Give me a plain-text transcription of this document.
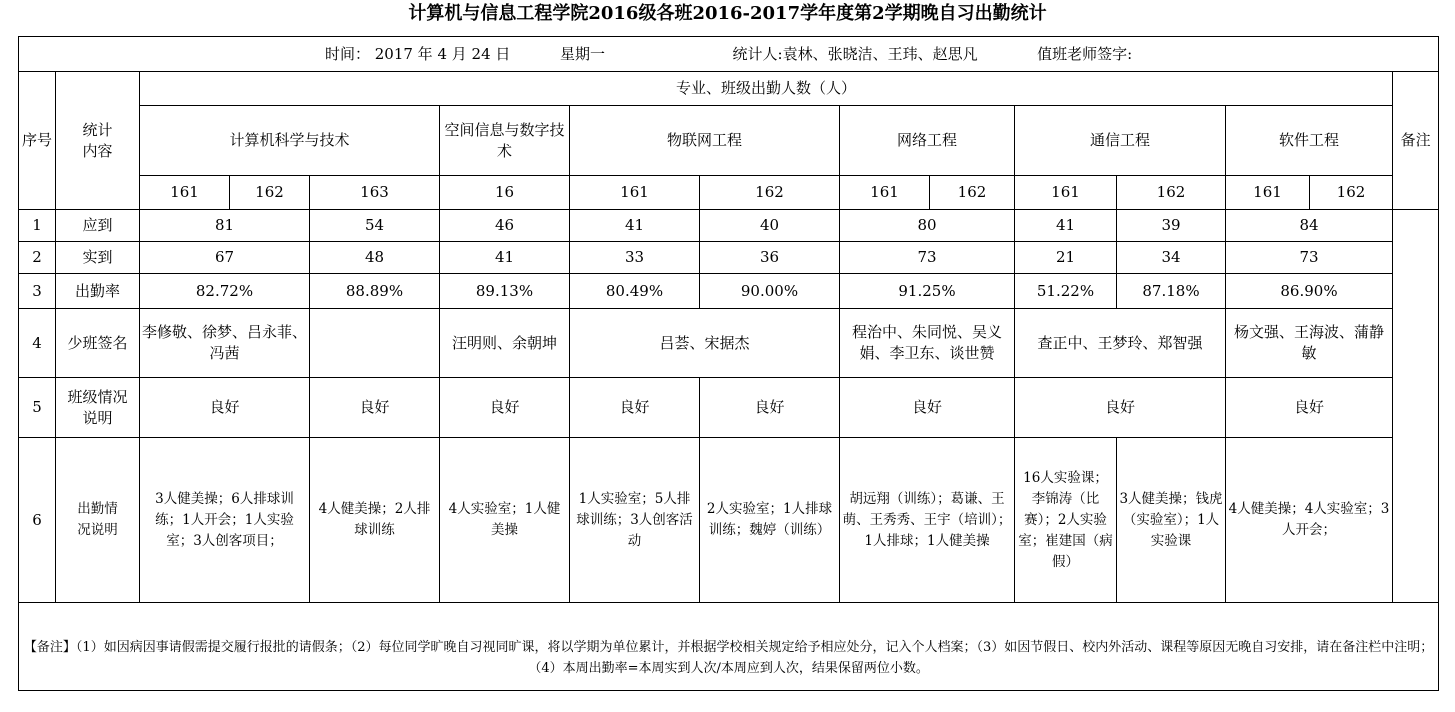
计算机与信息工程学院2016级各班2016-2017学年度第2学期晚自习出勤统计
时间： 2017 年 4 月 24 日 星期一 统计人:袁林、张晓洁、王玮、赵思凡 值班老师签字:														
序号	统计内容	专业、班级出勤人数（人）												备注
		计算机科学与技术			空间信息与数字技术	物联网工程		网络工程		通信工程		软件工程		
		161	162	163	16	161	162	161	162	161	162	161	162	
1	应到	81		54	46	41	40	80		41	39	84		
2	实到	67		48	41	33	36	73		21	34	73		
3	出勤率	82.72%		88.89%	89.13%	80.49%	90.00%	91.25%		51.22%	87.18%	86.90%		
4	少班签名	李修敬、徐梦、吕永菲、冯茜			汪明则、余朝坤	吕荟、宋据杰		程治中、朱同悦、吴义娟、李卫东、谈世赞		查正中、王梦玲、郑智强		杨文强、王海波、蒲静敏		
5	班级情况说明	良好		良好	良好	良好	良好	良好		良好		良好		
6	出勤情况说明	3人健美操；6人排球训练；1人开会；1人实验室；3人创客项目；		4人健美操；2人排球训练	4人实验室；1人健美操	1人实验室；5人排球训练；3人创客活动	2人实验室；1人排球训练；魏婷（训练）	胡远翔（训练）；葛谦、王萌、王秀秀、王宇（培训）；1人排球；1人健美操		16人实验课；李锦涛（比赛）；2人实验室；崔建国（病假）	3人健美操；钱虎（实验室）；1人实验课	4人健美操；4人实验室；3人开会；		

【备注】（1）如因病因事请假需提交履行报批的请假条；（2）每位同学旷晚自习视同旷课，将以学期为单位累计，并根据学校相关规定给予相应处分，记入个人档案；（3）如因节假日、校内外活动、课程等原因无晚自习安排，请在备注栏中注明；（4）本周出勤率=本周实到人次/本周应到人次，结果保留两位小数。														
